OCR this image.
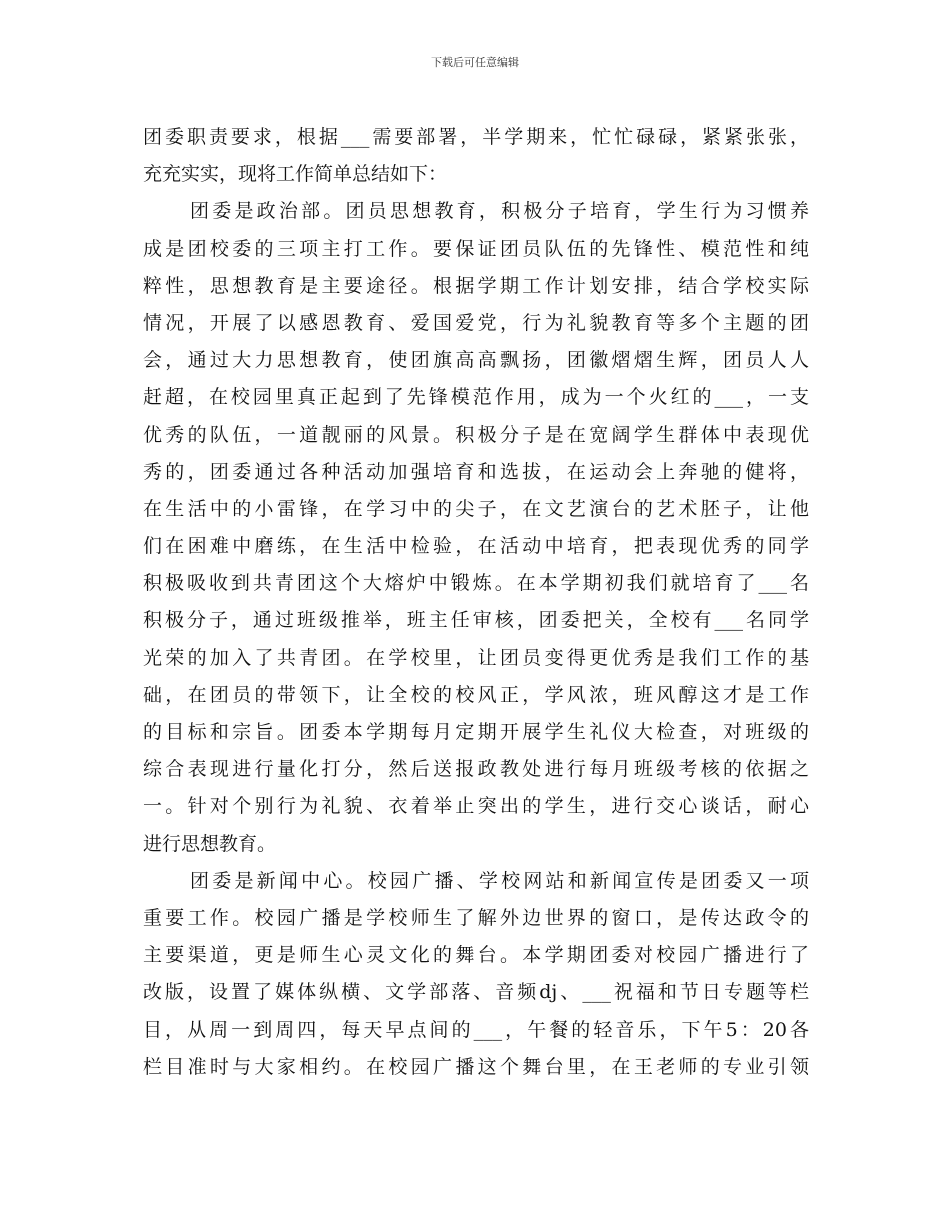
下载后可任意编辑
团委职责要求，根据___需要部署，半学期来，忙忙碌碌，紧紧张张，
充充实实，现将工作简单总结如下：
团委是政治部。团员思想教育，积极分子培育，学生行为习惯养
成是团校委的三项主打工作。要保证团员队伍的先锋性、模范性和纯
粹性，思想教育是主要途径。根据学期工作计划安排，结合学校实际
情况，开展了以感恩教育、爱国爱党，行为礼貌教育等多个主题的团
会，通过大力思想教育，使团旗高高飘扬，团徽熠熠生辉，团员人人
赶超，在校园里真正起到了先锋模范作用，成为一个火红的___，一支
优秀的队伍，一道靓丽的风景。积极分子是在宽阔学生群体中表现优
秀的，团委通过各种活动加强培育和选拔，在运动会上奔驰的健将，
在生活中的小雷锋，在学习中的尖子，在文艺演台的艺术胚子，让他
们在困难中磨练，在生活中检验，在活动中培育，把表现优秀的同学
积极吸收到共青团这个大熔炉中锻炼。在本学期初我们就培育了___名
积极分子，通过班级推举，班主任审核，团委把关，全校有___名同学
光荣的加入了共青团。在学校里，让团员变得更优秀是我们工作的基
础，在团员的带领下，让全校的校风正，学风浓，班风醇这才是工作
的目标和宗旨。团委本学期每月定期开展学生礼仪大检查，对班级的
综合表现进行量化打分，然后送报政教处进行每月班级考核的依据之
一。针对个别行为礼貌、衣着举止突出的学生，进行交心谈话，耐心
进行思想教育。
团委是新闻中心。校园广播、学校网站和新闻宣传是团委又一项
重要工作。校园广播是学校师生了解外边世界的窗口，是传达政令的
主要渠道，更是师生心灵文化的舞台。本学期团委对校园广播进行了
改版，设置了媒体纵横、文学部落、音频dj、___祝福和节日专题等栏
目，从周一到周四，每天早点间的___，午餐的轻音乐，下午5：20各
栏目准时与大家相约。在校园广播这个舞台里，在王老师的专业引领
